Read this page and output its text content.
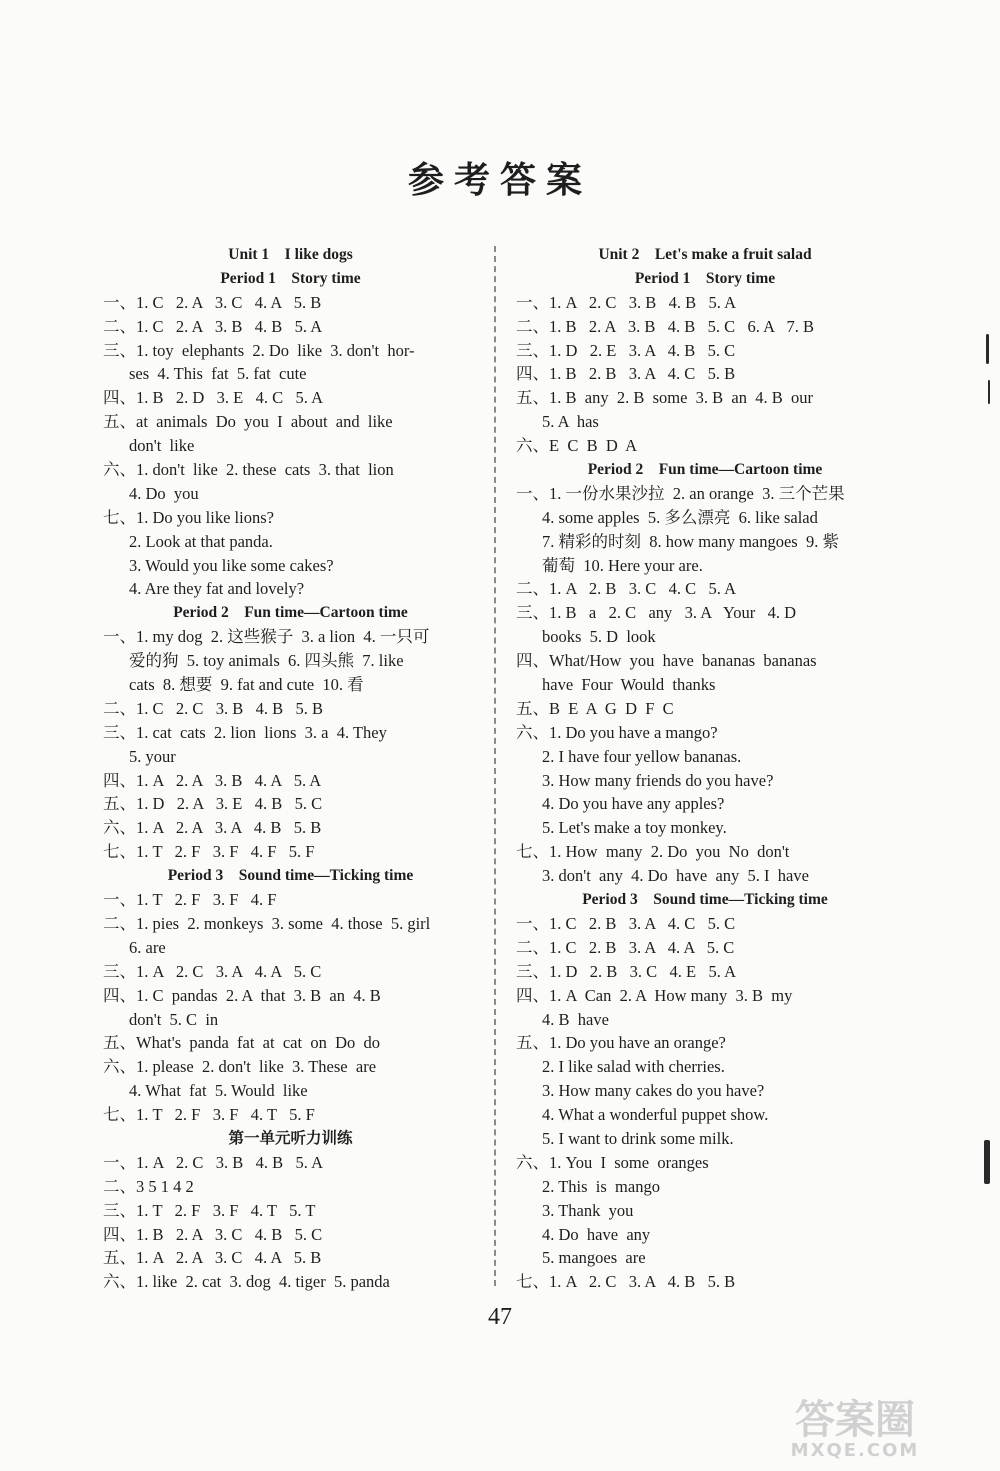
参考答案
Unit 1    I like dogs
Period 1    Story time
一、1. C   2. A   3. C   4. A   5. B
二、1. C   2. A   3. B   4. B   5. A
三、1. toy  elephants  2. Do  like  3. don't  hor-
ses  4. This  fat  5. fat  cute
四、1. B   2. D   3. E   4. C   5. A
五、at  animals  Do  you  I  about  and  like
don't  like
六、1. don't  like  2. these  cats  3. that  lion
4. Do  you
七、1. Do you like lions?
2. Look at that panda.
3. Would you like some cakes?
4. Are they fat and lovely?
Period 2    Fun time—Cartoon time
一、1. my dog  2. 这些猴子  3. a lion  4. 一只可
爱的狗  5. toy animals  6. 四头熊  7. like
cats  8. 想要  9. fat and cute  10. 看
二、1. C   2. C   3. B   4. B   5. B
三、1. cat  cats  2. lion  lions  3. a  4. They
5. your
四、1. A   2. A   3. B   4. A   5. A
五、1. D   2. A   3. E   4. B   5. C
六、1. A   2. A   3. A   4. B   5. B
七、1. T   2. F   3. F   4. F   5. F
Period 3    Sound time—Ticking time
一、1. T   2. F   3. F   4. F
二、1. pies  2. monkeys  3. some  4. those  5. girl
6. are
三、1. A   2. C   3. A   4. A   5. C
四、1. C  pandas  2. A  that  3. B  an  4. B
don't  5. C  in
五、What's  panda  fat  at  cat  on  Do  do
六、1. please  2. don't  like  3. These  are
4. What  fat  5. Would  like
七、1. T   2. F   3. F   4. T   5. F
第一单元听力训练
一、1. A   2. C   3. B   4. B   5. A
二、3 5 1 4 2
三、1. T   2. F   3. F   4. T   5. T
四、1. B   2. A   3. C   4. B   5. C
五、1. A   2. A   3. C   4. A   5. B
六、1. like  2. cat  3. dog  4. tiger  5. panda
Unit 2    Let's make a fruit salad
Period 1    Story time
一、1. A   2. C   3. B   4. B   5. A
二、1. B   2. A   3. B   4. B   5. C   6. A   7. B
三、1. D   2. E   3. A   4. B   5. C
四、1. B   2. B   3. A   4. C   5. B
五、1. B  any  2. B  some  3. B  an  4. B  our
5. A  has
六、E  C  B  D  A
Period 2    Fun time—Cartoon time
一、1. 一份水果沙拉  2. an orange  3. 三个芒果
4. some apples  5. 多么漂亮  6. like salad
7. 精彩的时刻  8. how many mangoes  9. 紫
葡萄  10. Here your are.
二、1. A   2. B   3. C   4. C   5. A
三、1. B   a   2. C   any   3. A   Your   4. D
books  5. D  look
四、What/How  you  have  bananas  bananas
have  Four  Would  thanks
五、B  E  A  G  D  F  C
六、1. Do you have a mango?
2. I have four yellow bananas.
3. How many friends do you have?
4. Do you have any apples?
5. Let's make a toy monkey.
七、1. How  many  2. Do  you  No  don't
3. don't  any  4. Do  have  any  5. I  have
Period 3    Sound time—Ticking time
一、1. C   2. B   3. A   4. C   5. C
二、1. C   2. B   3. A   4. A   5. C
三、1. D   2. B   3. C   4. E   5. A
四、1. A  Can  2. A  How many  3. B  my
4. B  have
五、1. Do you have an orange?
2. I like salad with cherries.
3. How many cakes do you have?
4. What a wonderful puppet show.
5. I want to drink some milk.
六、1. You  I  some  oranges
2. This  is  mango
3. Thank  you
4. Do  have  any
5. mangoes  are
七、1. A   2. C   3. A   4. B   5. B
47
答案圈
MXQE.COM
